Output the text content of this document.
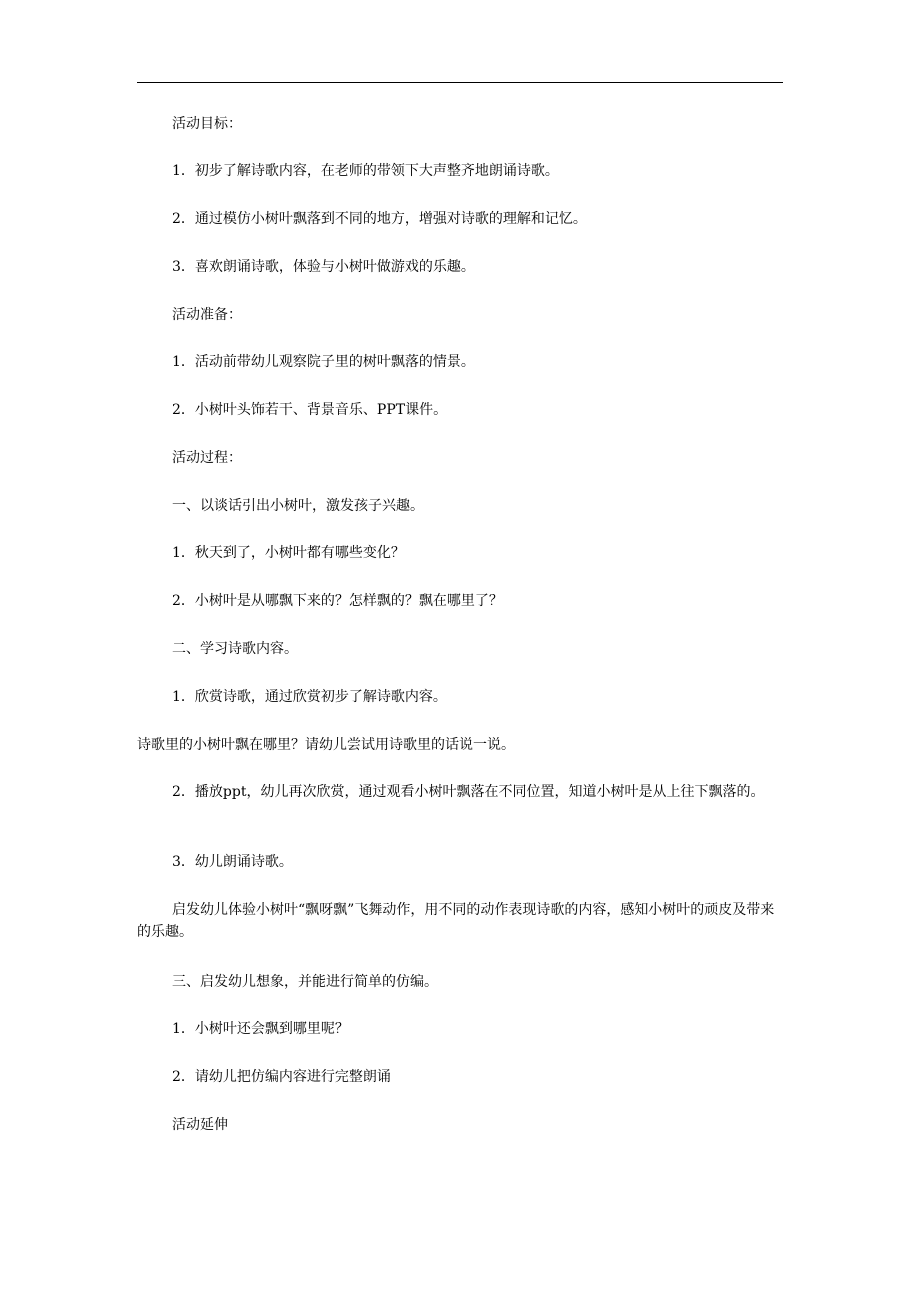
活动目标：

1．初步了解诗歌内容，在老师的带领下大声整齐地朗诵诗歌。

2．通过模仿小树叶飘落到不同的地方，增强对诗歌的理解和记忆。

3．喜欢朗诵诗歌，体验与小树叶做游戏的乐趣。

活动准备：

1．活动前带幼儿观察院子里的树叶飘落的情景。

2．小树叶头饰若干、背景音乐、PPT课件。

活动过程：

一、以谈话引出小树叶，激发孩子兴趣。

1．秋天到了，小树叶都有哪些变化？

2．小树叶是从哪飘下来的？怎样飘的？飘在哪里了？

二、学习诗歌内容。

1．欣赏诗歌，通过欣赏初步了解诗歌内容。

诗歌里的小树叶飘在哪里？请幼儿尝试用诗歌里的话说一说。

2．播放ppt，幼儿再次欣赏，通过观看小树叶飘落在不同位置，知道小树叶是从上往下飘落的。

3．幼儿朗诵诗歌。

启发幼儿体验小树叶“飘呀飘”飞舞动作，用不同的动作表现诗歌的内容，感知小树叶的顽皮及带来的乐趣。

三、启发幼儿想象，并能进行简单的仿编。

1．小树叶还会飘到哪里呢？

2．请幼儿把仿编内容进行完整朗诵

活动延伸
